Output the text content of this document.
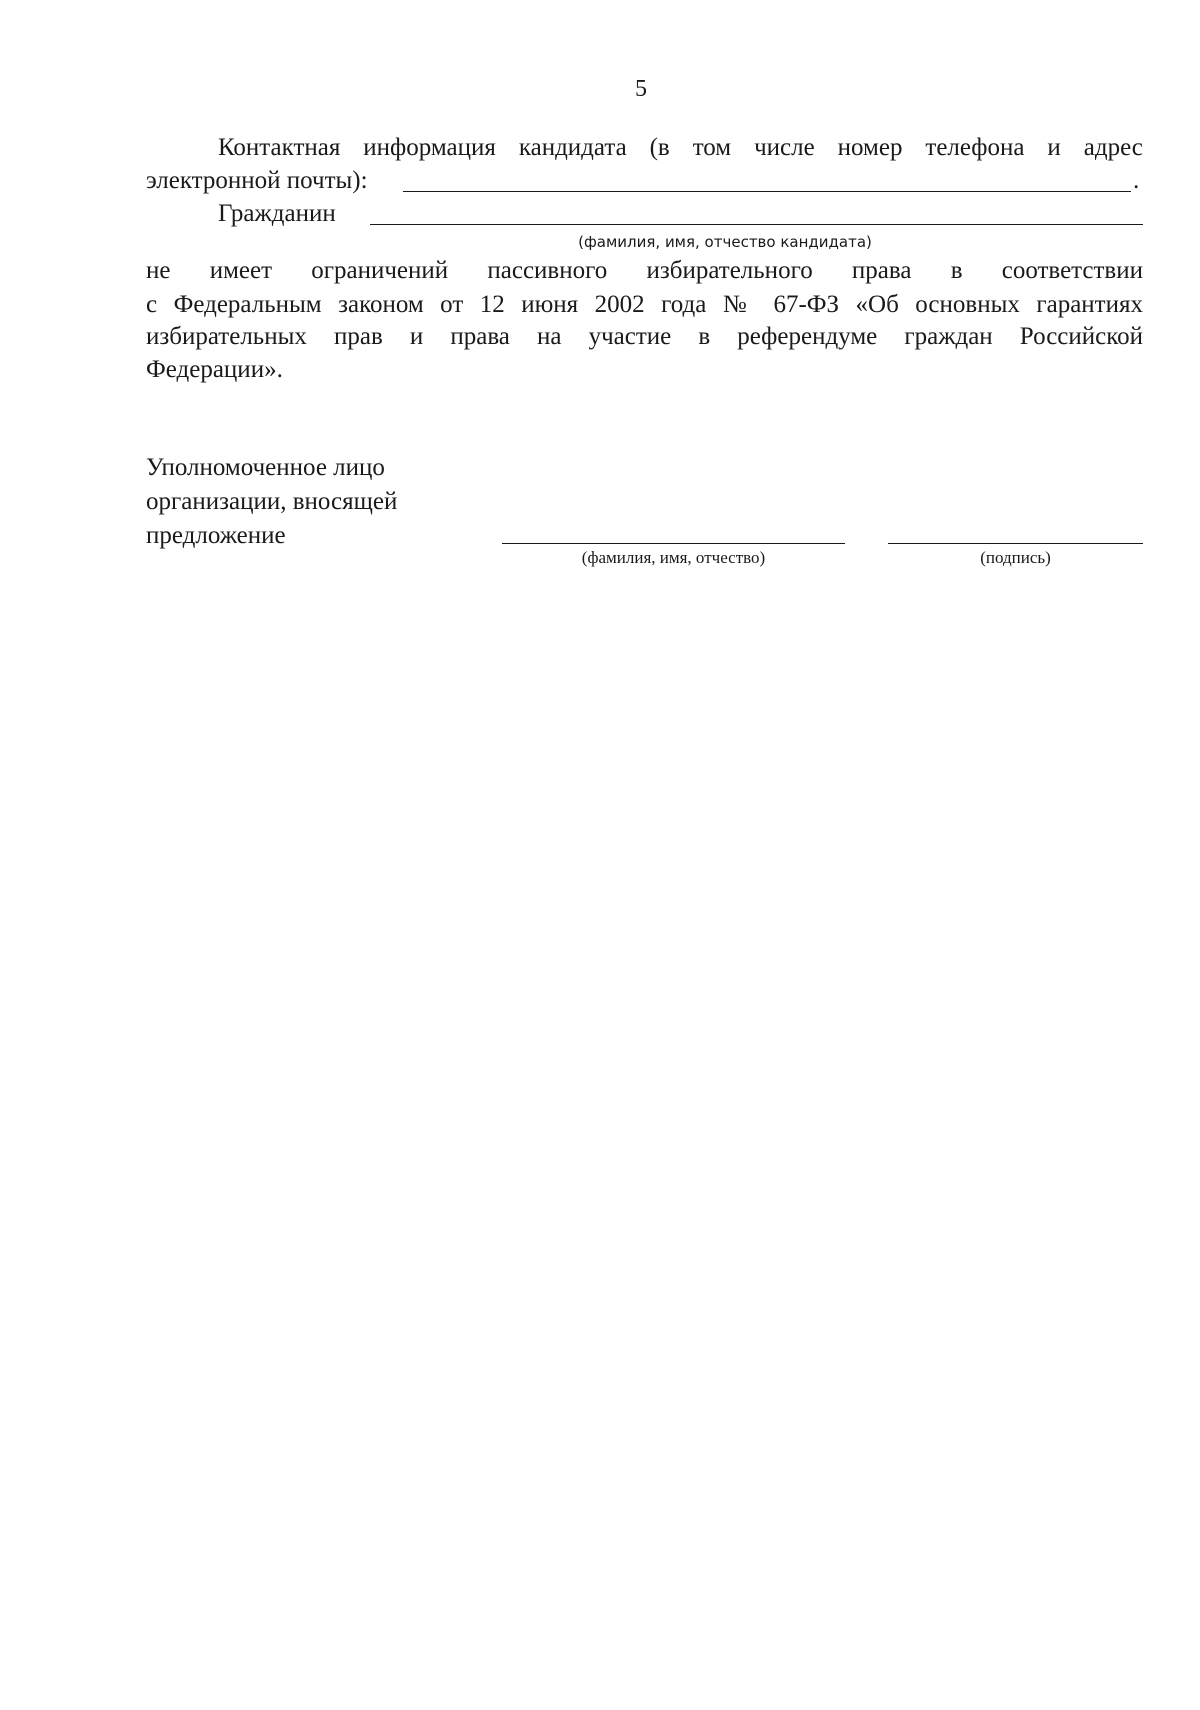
5
Контактная информация кандидата (в том числе номер телефона и адрес
электронной почты):	.
Гражданин
(фамилия, имя, отчество кандидата)
не имеет ограничений пассивного избирательного права в соответствии
с Федеральным законом от 12 июня 2002 года № 67-ФЗ «Об основных гарантиях
избирательных прав и права на участие в референдуме граждан Российской
Федерации».
Уполномоченное лицо
организации, вносящей
предложение
(фамилия, имя, отчество)	(подпись)
